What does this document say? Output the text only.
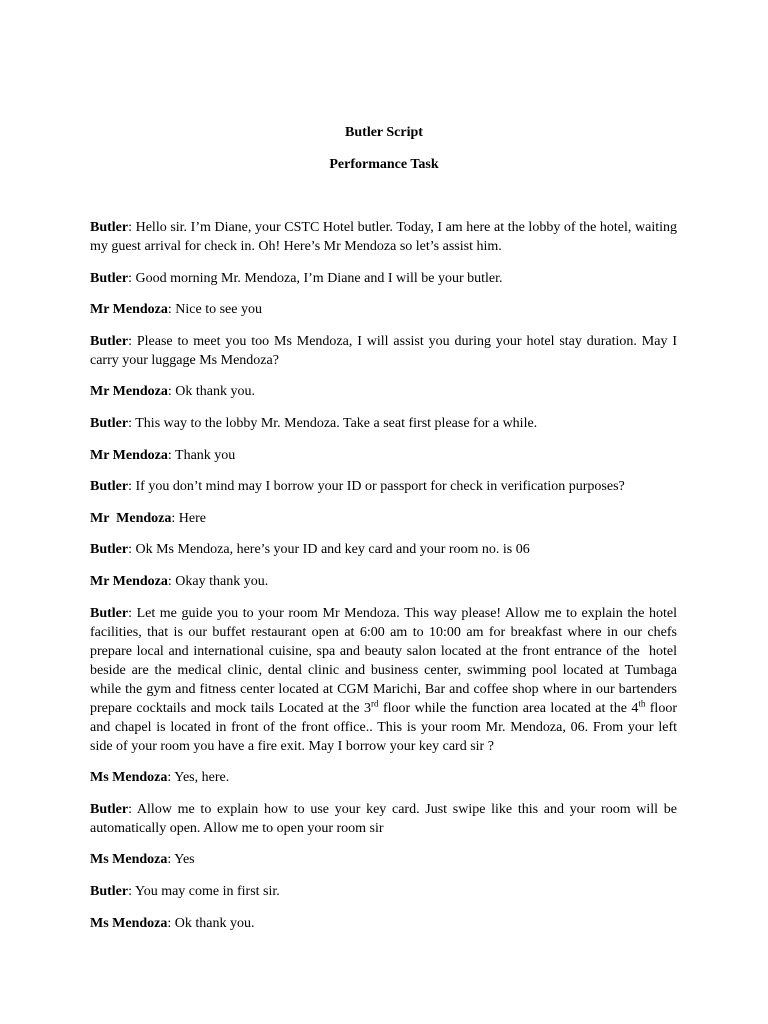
Butler Script
Performance Task

Butler: Hello sir. I’m Diane, your CSTC Hotel butler. Today, I am here at the lobby of the hotel, waiting my guest arrival for check in. Oh! Here’s Mr Mendoza so let’s assist him.

Butler: Good morning Mr. Mendoza, I’m Diane and I will be your butler.

Mr Mendoza: Nice to see you

Butler: Please to meet you too Ms Mendoza, I will assist you during your hotel stay duration. May I carry your luggage Ms Mendoza?

Mr Mendoza: Ok thank you.

Butler: This way to the lobby Mr. Mendoza. Take a seat first please for a while.

Mr Mendoza: Thank you

Butler: If you don’t mind may I borrow your ID or passport for check in verification purposes?

Mr  Mendoza: Here

Butler: Ok Ms Mendoza, here’s your ID and key card and your room no. is 06

Mr Mendoza: Okay thank you.

Butler: Let me guide you to your room Mr Mendoza. This way please! Allow me to explain the hotel facilities, that is our buffet restaurant open at 6:00 am to 10:00 am for breakfast where in our chefs prepare local and international cuisine, spa and beauty salon located at the front entrance of the  hotel beside are the medical clinic, dental clinic and business center, swimming pool located at Tumbaga while the gym and fitness center located at CGM Marichi, Bar and coffee shop where in our bartenders prepare cocktails and mock tails Located at the 3rd floor while the function area located at the 4th floor and chapel is located in front of the front office.. This is your room Mr. Mendoza, 06. From your left side of your room you have a fire exit. May I borrow your key card sir ?

Ms Mendoza: Yes, here.

Butler: Allow me to explain how to use your key card. Just swipe like this and your room will be automatically open. Allow me to open your room sir

Ms Mendoza: Yes

Butler: You may come in first sir.

Ms Mendoza: Ok thank you.
